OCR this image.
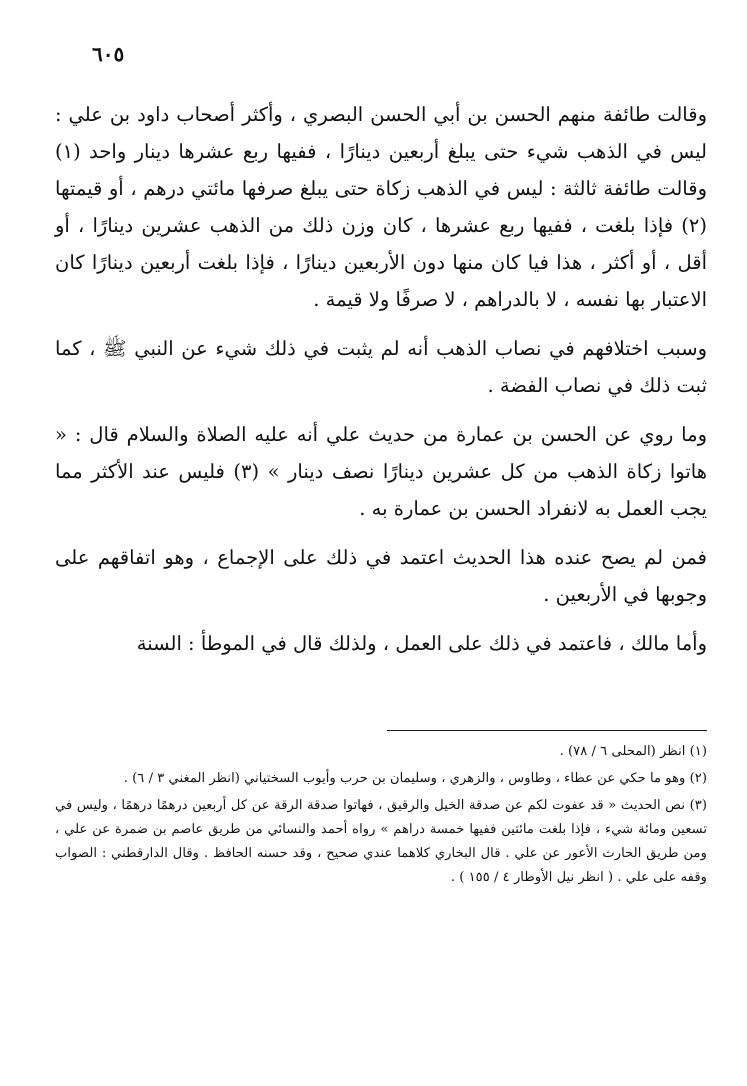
٦٠٥

وقالت طائفة منهم الحسن بن أبي الحسن البصري ، وأكثر أصحاب داود بن علي : ليس في الذهب شيء حتى يبلغ أربعين دينارًا ، ففيها ربع عشرها دينار واحد (١) وقالت طائفة ثالثة : ليس في الذهب زكاة حتى يبلغ صرفها مائتي درهم ، أو قيمتها (٢) فإذا بلغت ، ففيها ربع عشرها ، كان وزن ذلك من الذهب عشرين دينارًا ، أو أقل ، أو أكثر ، هذا فيا كان منها دون الأربعين دينارًا ، فإذا بلغت أربعين دينارًا كان الاعتبار بها نفسه ، لا بالدراهم ، لا صرفًا ولا قيمة .

وسبب اختلافهم في نصاب الذهب أنه لم يثبت في ذلك شيء عن النبي ﷺ ، كما ثبت ذلك في نصاب الفضة .

وما روي عن الحسن بن عمارة من حديث علي أنه عليه الصلاة والسلام قال : « هاتوا زكاة الذهب من كل عشرين دينارًا نصف دينار » (٣) فليس عند الأكثر مما يجب العمل به لانفراد الحسن بن عمارة به .

فمن لم يصح عنده هذا الحديث اعتمد في ذلك على الإجماع ، وهو اتفاقهم على وجوبها في الأربعين .

وأما مالك ، فاعتمد في ذلك على العمل ، ولذلك قال في الموطأ : السنة

(١) انظر (المحلى ٦ / ٧٨) .

(٢) وهو ما حكي عن عطاء ، وطاوس ، والزهري ، وسليمان بن حرب وأيوب السختياني (انظر المغني ٣ / ٦) .

(٣) نص الحديث « قد عفوت لكم عن صدقة الخيل والرقيق ، فهاتوا صدقة الرقة عن كل أربعين درهمًا درهمًا ، وليس في تسعين ومائة شيء ، فإذا بلغت مائتين ففيها خمسة دراهم » رواه أحمد والنسائي من طريق عاصم بن ضمرة عن علي ، ومن طريق الحارث الأعور عن علي . قال البخاري كلاهما عندي صحيح ، وقد حسنه الحافظ . وقال الدارقطني : الصواب وقفه على علي . ( انظر نيل الأوطار ٤ / ١٥٥ ) .
